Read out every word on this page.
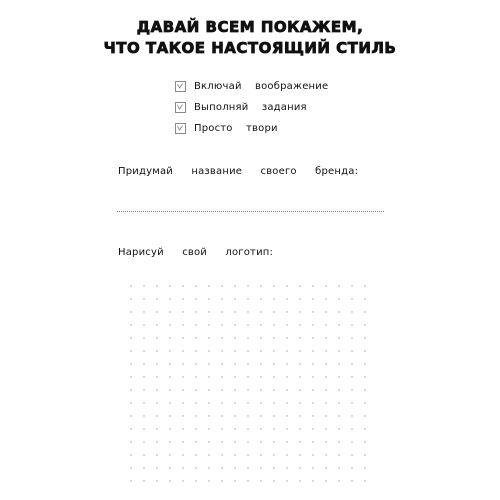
ДАВАЙ ВСЕМ ПОКАЖЕМ,
ЧТО ТАКОЕ НАСТОЯЩИЙ СТИЛЬ
Включай воображение
Выполняй задания
Просто твори
Придумай название своего бренда:
Нарисуй свой логотип:
